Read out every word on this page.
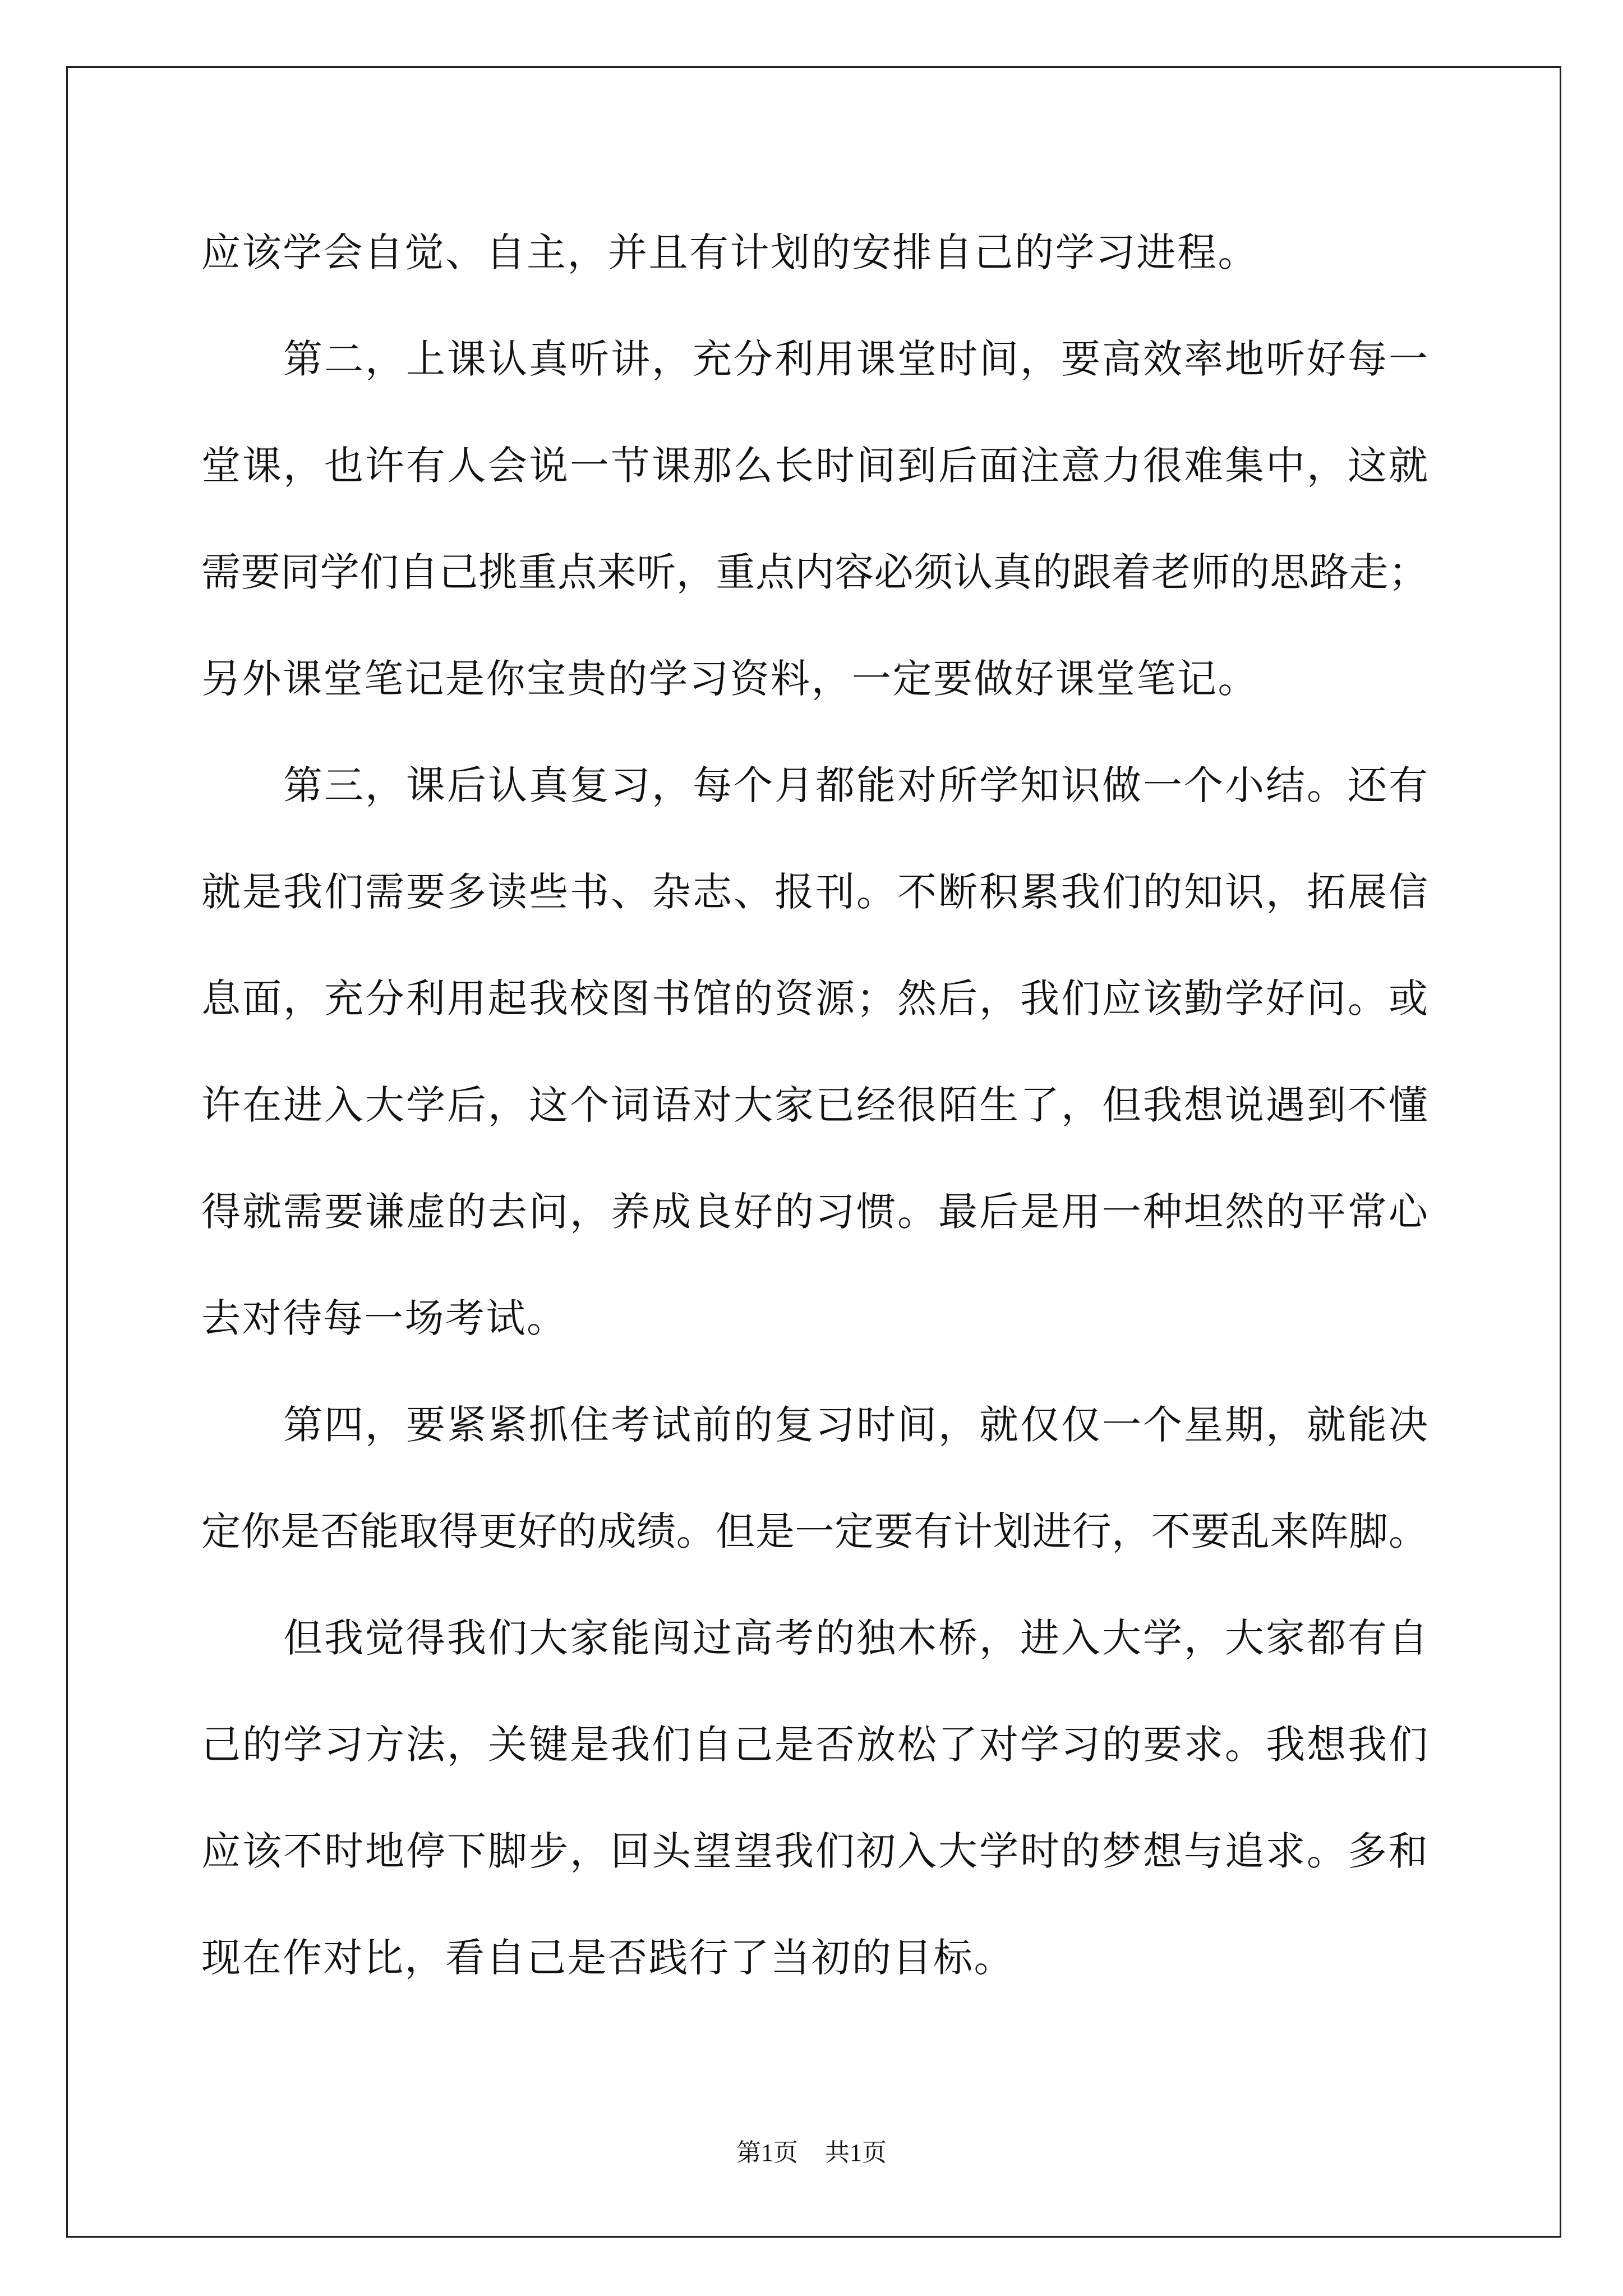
应该学会自觉、自主，并且有计划的安排自己的学习进程。
第二，上课认真听讲，充分利用课堂时间，要高效率地听好每一
堂课，也许有人会说一节课那么长时间到后面注意力很难集中，这就
需要同学们自己挑重点来听，重点内容必须认真的跟着老师的思路走；
另外课堂笔记是你宝贵的学习资料，一定要做好课堂笔记。
第三，课后认真复习，每个月都能对所学知识做一个小结。还有
就是我们需要多读些书、杂志、报刊。不断积累我们的知识，拓展信
息面，充分利用起我校图书馆的资源；然后，我们应该勤学好问。或
许在进入大学后，这个词语对大家已经很陌生了，但我想说遇到不懂
得就需要谦虚的去问，养成良好的习惯。最后是用一种坦然的平常心
去对待每一场考试。
第四，要紧紧抓住考试前的复习时间，就仅仅一个星期，就能决
定你是否能取得更好的成绩。但是一定要有计划进行，不要乱来阵脚。
但我觉得我们大家能闯过高考的独木桥，进入大学，大家都有自
己的学习方法，关键是我们自己是否放松了对学习的要求。我想我们
应该不时地停下脚步，回头望望我们初入大学时的梦想与追求。多和
现在作对比，看自己是否践行了当初的目标。
第1页 共1页
